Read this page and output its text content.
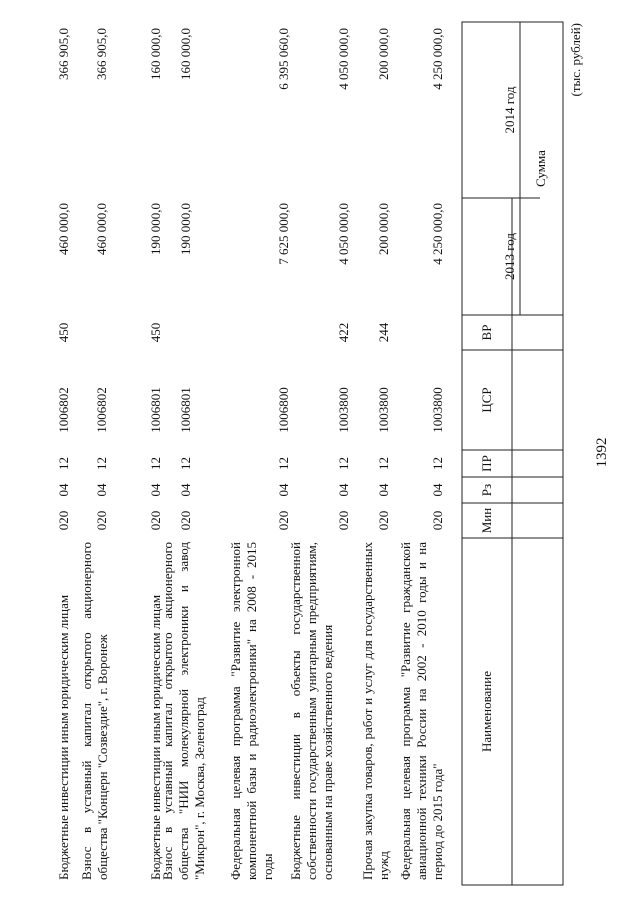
1392
(тыс. рублей)
Наименование
Мин
Рз
ПР
ЦСР
ВР
Сумма
2013 год
2014 год
Федеральная целевая программа "Развитие гражданской авиационной техники России на 2002 - 2010 годы и на период до 2015 года"
020
04
12
1003800
4 250 000,0
4 250 000,0
Прочая закупка товаров, работ и услуг для государственных нужд
020
04
12
1003800
244
200 000,0
200 000,0
Бюджетные инвестиции в объекты государственной собственности государственным унитарным предприятиям, основанным на праве хозяйственного ведения
020
04
12
1003800
422
4 050 000,0
4 050 000,0
Федеральная целевая программа "Развитие электронной компонентной базы и радиоэлектроники" на 2008 - 2015 годы
020
04
12
1006800
7 625 000,0
6 395 060,0
Взнос в уставный капитал открытого акционерного общества "НИИ молекулярной электроники и завод "Микрон", г. Москва, Зеленоград
020
04
12
1006801
190 000,0
160 000,0
Бюджетные инвестиции иным юридическим лицам
020
04
12
1006801
450
190 000,0
160 000,0
Взнос в уставный капитал открытого акционерного общества "Концерн "Созвездие", г. Воронеж
020
04
12
1006802
460 000,0
366 905,0
Бюджетные инвестиции иным юридическим лицам
020
04
12
1006802
450
460 000,0
366 905,0
